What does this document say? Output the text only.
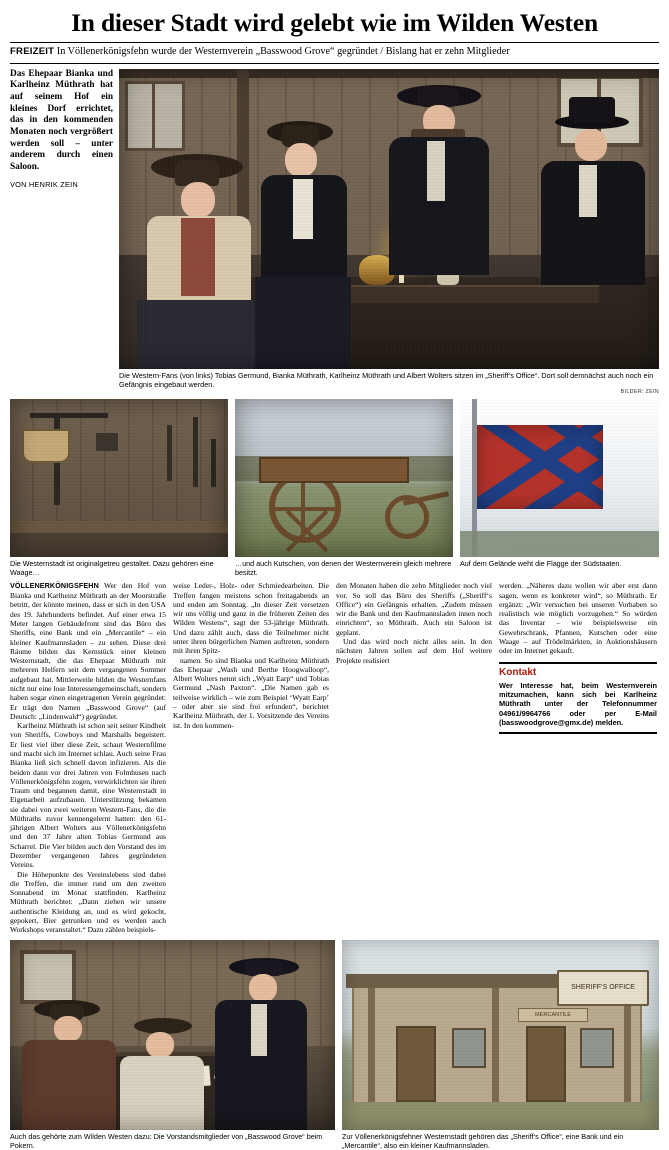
In dieser Stadt wird gelebt wie im Wilden Westen
FREIZEIT In Völlenerkönigsfehn wurde der Westernverein „Basswood Grove“ gegründet / Bislang hat er zehn Mitglieder
Das Ehepaar Bianka und Karlheinz Müthrath hat auf seinem Hof ein kleines Dorf errichtet, das in den kommenden Monaten noch vergrößert werden soll – unter anderem durch einen Saloon.
VON HENRIK ZEIN
Die Western-Fans (von links) Tobias Germund, Bianka Müthrath, Karlheinz Müthrath und Albert Wolters sitzen im „Sheriff‘s Office“. Dort soll demnächst auch noch ein Gefängnis eingebaut werden.
BILDER: ZEIN
Die Westernstadt ist originalgetreu gestaltet. Dazu gehören eine Waage…
…und auch Kutschen, von denen der Westernverein gleich mehrere besitzt.
Auf dem Gelände weht die Flagge der Südstaaten.

VÖLLENERKÖNIGSFEHN Wer den Hof von Bianka und Karlheinz Müthrath an der Moorstraße betritt, der könnte meinen, dass er sich in den USA des 19. Jahrhunderts befindet. Auf einer etwa 15 Meter langen Gebäudefront sind das Büro des Sheriffs, eine Bank und ein „Mercantile“ – ein kleiner Kaufmannsladen – zu sehen. Diese drei Räume bilden das Kernstück einer kleinen Westernstadt, die das Ehepaar Müthrath mit mehreren Helfern seit dem vergangenen Sommer aufgebaut hat. Mittlerweile bilden die Westernfans nicht nur eine lose Interessengemeinschaft, sondern haben sogar einen eingetragenen Verein gegründet: Er trägt den Namen „Basswood Grove“ (auf Deutsch: „Lindenwald“) gegründet.

Karlheinz Müthrath ist schon seit seiner Kindheit von Sheriffs, Cowboys und Marshalls begeistert. Er liest viel über diese Zeit, schaut Westernfilme und macht sich im Internet schlau. Auch seine Frau Bianka ließ sich schnell davon infizieren. Als die beiden dann vor drei Jahren von Folmhusen nach Völlenerkönigsfehn zogen, verwirklichten sie ihren Traum und begannen damit, eine Westernstadt in Eigenarbeit aufzubauen. Unterstützung bekamen sie dabei von zwei weiteren Western-Fans, die die Müthraths zuvor kennengelernt hatten: den 61-jährigen Albert Wolters aus Völlenerkönigsfehn und den 37 Jahre alten Tobias Germund aus Scharrel. Die Vier bilden auch den Vorstand des im Dezember vergangenen Jahres gegründeten Vereins.

Die Höhepunkte des Vereinslebens sind dabei die Treffen, die immer rund um den zweiten Sonnabend im Monat stattfinden. Karlheinz Müthrath berichtet: „Dann ziehen wir unsere authentische Kleidung an, und es wird gekocht, gepokert, Bier getrunken und es werden auch Workshops veranstaltet.“ Dazu zählen beispiels-

weise Leder-, Holz- oder Schmiedearbeiten. Die Treffen fangen meistens schon freitagabends an und enden am Sonntag. „In dieser Zeit versetzen wir uns völlig und ganz in die früheren Zeiten des Wilden Westens“, sagt der 53-jährige Müthrath. Und dazu zählt auch, dass die Teilnehmer nicht unter ihren bürgerlichen Namen auftreten, sondern mit ihren Spitz-

namen. So sind Bianka und Karlheinz Müthrath das Ehepaar „Wash und Berthe Hoogwalloop“, Albert Wolters nennt sich „Wyatt Earp“ und Tobias Germund „Nash Paxton“. „Die Namen gab es teilweise wirklich – wie zum Beispiel ‘Wyatt Earp’ – oder aber sie sind frei erfunden“, berichtet Karlheinz Müthrath, der 1. Vorsitzende des Vereins ist. In den kommen-

den Monaten haben die zehn Mitglieder noch viel vor. So soll das Büro des Sheriffs („Sheriff‘s Office“) ein Gefängnis erhalten. „Zudem müssen wir die Bank und den Kaufmannsladen innen noch einrichten“, so Müthrath. Auch ein Saloon ist geplant.

Und das wird noch nicht alles sein. In den nächsten Jahren sollen auf dem Hof weitere Projekte realisiert

werden. „Näheres dazu wollen wir aber erst dann sagen, wenn es konkreter wird“, so Müthrath. Er ergänzt: „Wir versuchen bei unseren Vorhaben so realistisch wie möglich vorzugehen.“ So würden das Inventar – wie beispielsweise ein Gewehrschrank, Pfannen, Kutschen oder eine Waage – auf Trödelmärkten, in Auktionshäusern oder im Internet gekauft.

Kontakt
Wer Interesse hat, beim Westernverein mitzumachen, kann sich bei Karlheinz Müthrath unter der Telefonnummer 04961/9964766 oder per E-Mail (basswoodgrove@gmx.de) melden.
Auch das gehörte zum Wilden Westen dazu: Die Vorstandsmitglieder von „Basswood Grove“ beim Pokern.
SHERIFF‘S OFFICE
MERCANTILE
Zur Völlenerkönigsfehner Westernstadt gehören das „Sheriff‘s Office“, eine Bank und ein „Mercantile“, also ein kleiner Kaufmannsladen.
